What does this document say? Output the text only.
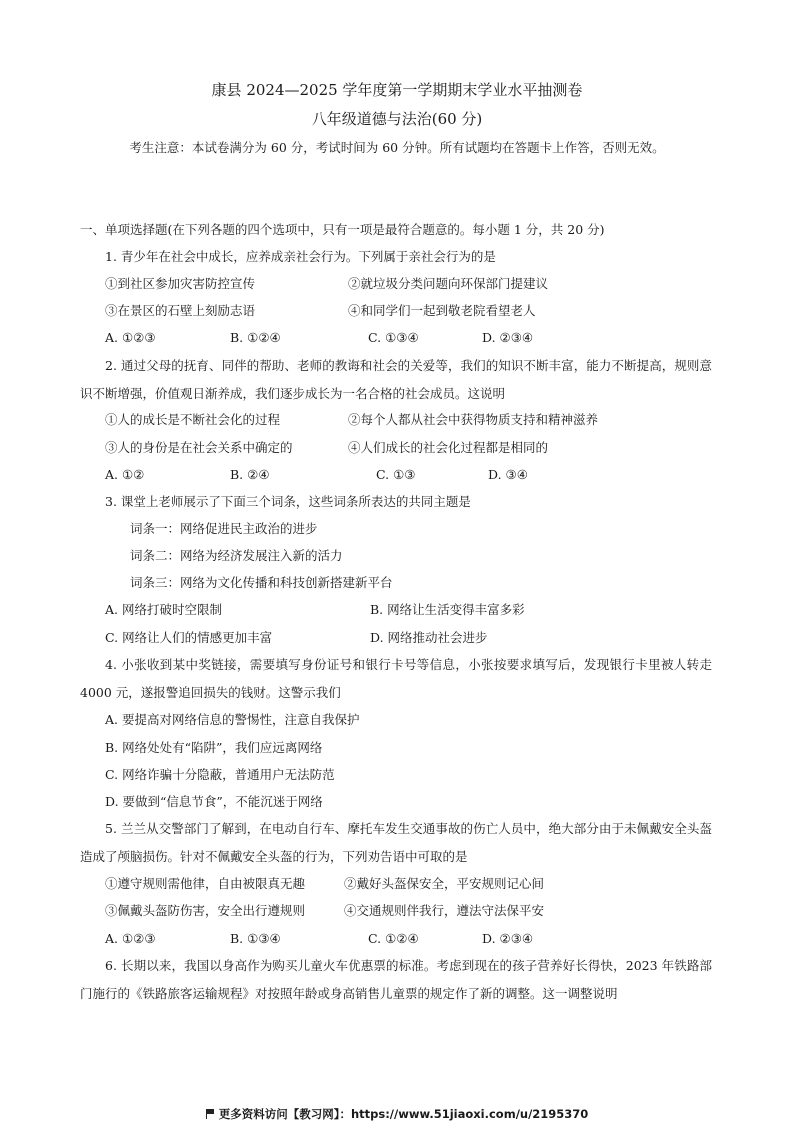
康县 2024—2025 学年度第一学期期末学业水平抽测卷
八年级道德与法治(60 分)
考生注意：本试卷满分为 60 分，考试时间为 60 分钟。所有试题均在答题卡上作答，否则无效。
一、单项选择题(在下列各题的四个选项中，只有一项是最符合题意的。每小题 1 分，共 20 分)
1. 青少年在社会中成长，应养成亲社会行为。下列属于亲社会行为的是
①到社区参加灾害防控宣传	②就垃圾分类问题向环保部门提建议
③在景区的石壁上刻励志语	④和同学们一起到敬老院看望老人
A. ①②③	B. ①②④	C. ①③④	D. ②③④
2. 通过父母的抚育、同伴的帮助、老师的教诲和社会的关爱等，我们的知识不断丰富，能力不断提高，规则意识不断增强，价值观日渐养成，我们逐步成长为一名合格的社会成员。这说明
①人的成长是不断社会化的过程	②每个人都从社会中获得物质支持和精神滋养
③人的身份是在社会关系中确定的	④人们成长的社会化过程都是相同的
A. ①②	B. ②④	C. ①③	D. ③④
3. 课堂上老师展示了下面三个词条，这些词条所表达的共同主题是
词条一：网络促进民主政治的进步
词条二：网络为经济发展注入新的活力
词条三：网络为文化传播和科技创新搭建新平台
A. 网络打破时空限制	B. 网络让生活变得丰富多彩
C. 网络让人们的情感更加丰富	D. 网络推动社会进步
4. 小张收到某中奖链接，需要填写身份证号和银行卡号等信息，小张按要求填写后，发现银行卡里被人转走 4000 元，遂报警追回损失的钱财。这警示我们
A. 要提高对网络信息的警惕性，注意自我保护
B. 网络处处有“陷阱”，我们应远离网络
C. 网络诈骗十分隐蔽，普通用户无法防范
D. 要做到“信息节食”，不能沉迷于网络
5. 兰兰从交警部门了解到，在电动自行车、摩托车发生交通事故的伤亡人员中，绝大部分由于未佩戴安全头盔造成了颅脑损伤。针对不佩戴安全头盔的行为，下列劝告语中可取的是
①遵守规则需他律，自由被限真无趣	②戴好头盔保安全，平安规则记心间
③佩戴头盔防伤害，安全出行遵规则	④交通规则伴我行，遵法守法保平安
A. ①②③	B. ①③④	C. ①②④	D. ②③④
6. 长期以来，我国以身高作为购买儿童火车优惠票的标准。考虑到现在的孩子营养好长得快，2023 年铁路部门施行的《铁路旅客运输规程》对按照年龄或身高销售儿童票的规定作了新的调整。这一调整说明
更多资料访问【教习网】：https://www.51jiaoxi.com/u/2195370
